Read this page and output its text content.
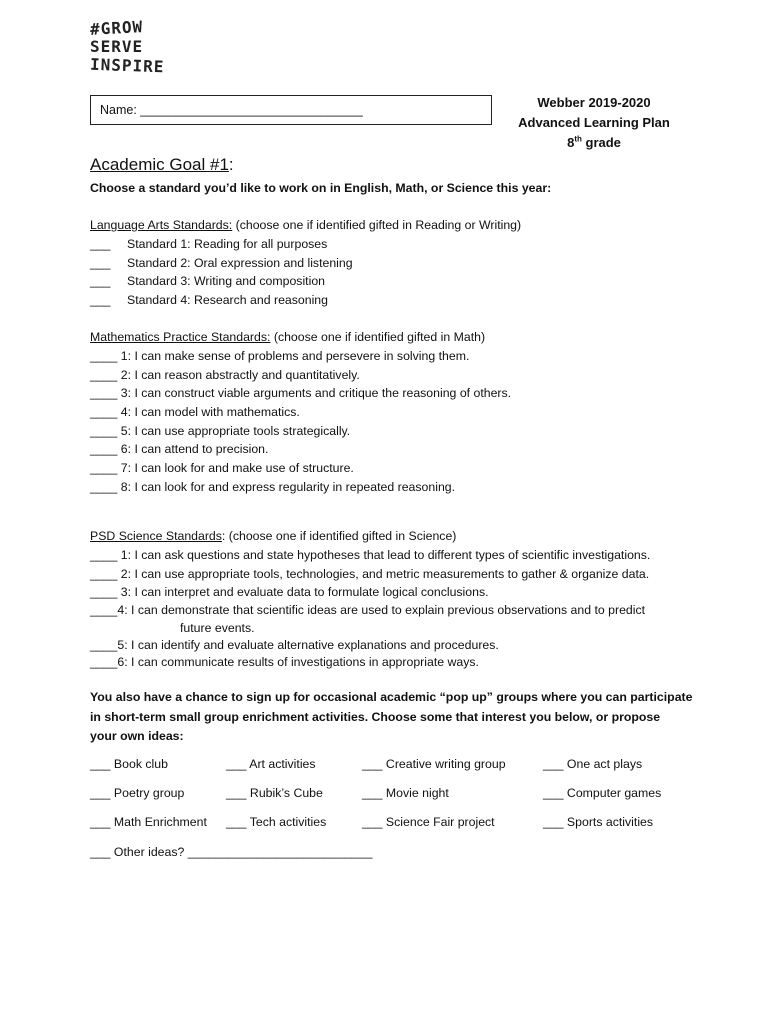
#GROW
SERVE
INSPIRE
Name: ________________________________	Webber 2019-2020
Advanced Learning Plan
8th grade
Academic Goal #1:
Choose a standard you’d like to work on in English, Math, or Science this year:
Language Arts Standards: (choose one if identified gifted in Reading or Writing)
___ Standard 1: Reading for all purposes
___ Standard 2: Oral expression and listening
___ Standard 3: Writing and composition
___ Standard 4: Research and reasoning
Mathematics Practice Standards: (choose one if identified gifted in Math)
____ 1: I can make sense of problems and persevere in solving them.
____ 2: I can reason abstractly and quantitatively.
____ 3: I can construct viable arguments and critique the reasoning of others.
____ 4: I can model with mathematics.
____ 5: I can use appropriate tools strategically.
____ 6: I can attend to precision.
____ 7: I can look for and make use of structure.
____ 8: I can look for and express regularity in repeated reasoning.
PSD Science Standards: (choose one if identified gifted in Science)
____ 1: I can ask questions and state hypotheses that lead to different types of scientific investigations.
____ 2: I can use appropriate tools, technologies, and metric measurements to gather & organize data.
____ 3: I can interpret and evaluate data to formulate logical conclusions.
____4: I can demonstrate that scientific ideas are used to explain previous observations and to predict
future events.
____5: I can identify and evaluate alternative explanations and procedures.
____6: I can communicate results of investigations in appropriate ways.
You also have a chance to sign up for occasional academic “pop up” groups where you can participate
in short-term small group enrichment activities. Choose some that interest you below, or propose
your own ideas:
___ Book club	___ Art activities	___ Creative writing group	___ One act plays
___ Poetry group	___ Rubik’s Cube	___ Movie night	___ Computer games
___ Math Enrichment ___ Tech activities	___ Science Fair project	___ Sports activities
___ Other ideas? ___________________________
